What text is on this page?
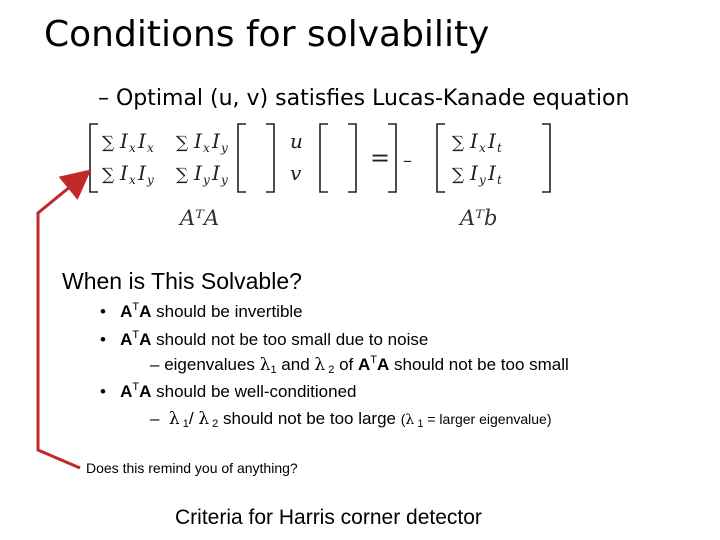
Conditions for solvability
– Optimal (u, v) satisfies Lucas-Kanade equation
∑ I x I x ∑ I x I y
∑ I x I y ∑ I y I y
u
v
= –
∑ I x I t
∑ I y I t
AᵀA	Aᵀb
When is This Solvable?
• $A^TA$ should be invertible
• $A^TA$ should not be too small due to noise
– eigenvalues $\lambda_1$ and λ $_2$ of $A^TA$ should not be too small
• $A^TA$ should be well-conditioned
– λ $_1$/ λ $_2$ should not be too large (λ $_1$ = larger eigenvalue)
Does this remind you of anything?
Criteria for Harris corner detector
